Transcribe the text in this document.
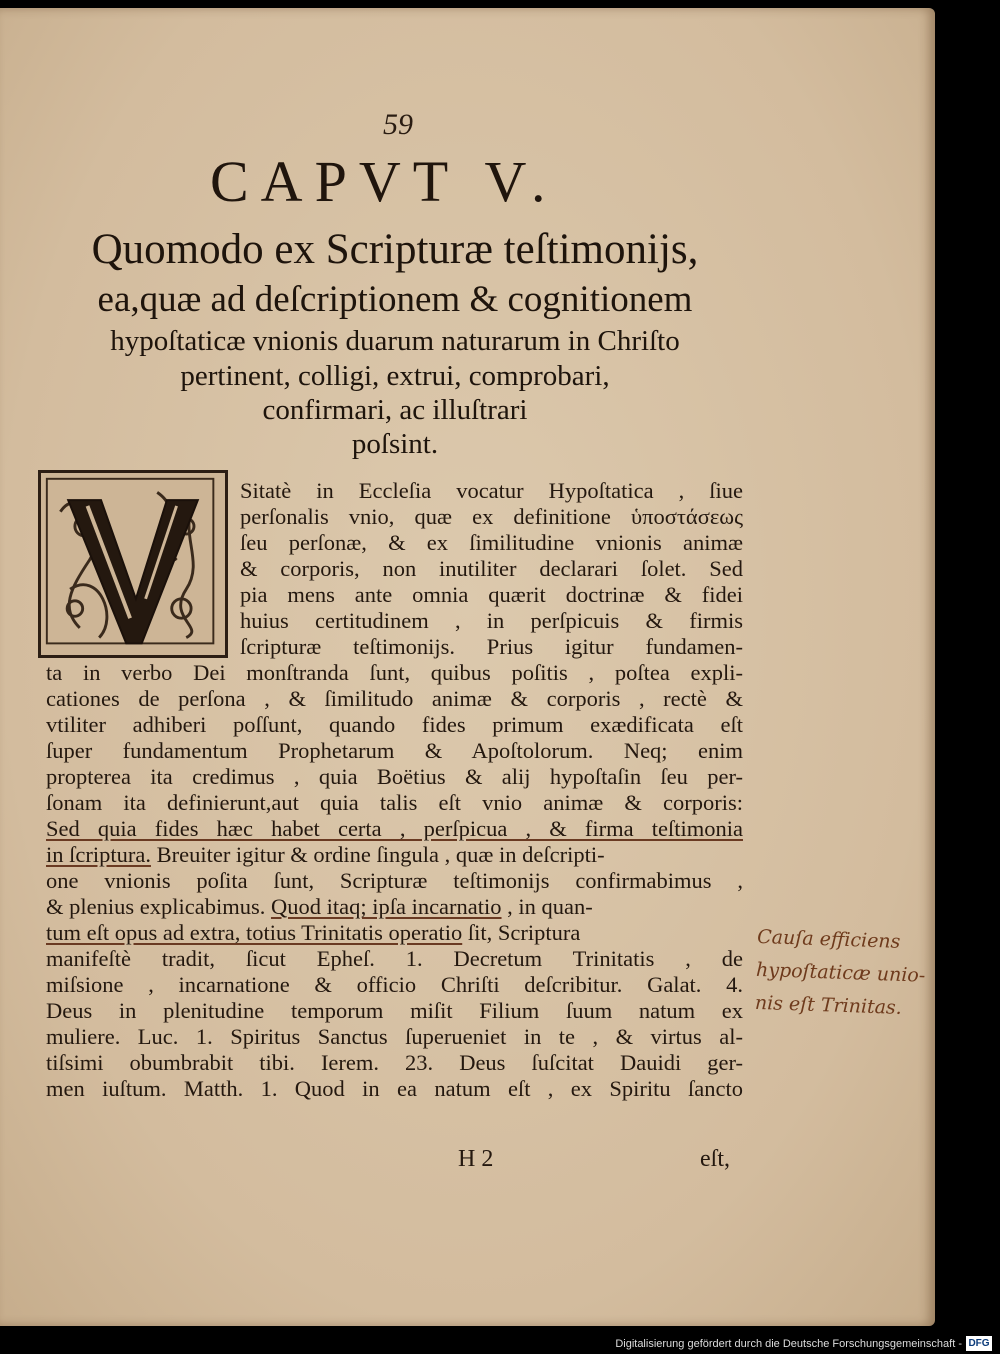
59
CAPVT V.
Quomodo ex Scripturæ teſtimonijs,
ea,quæ ad deſcriptionem & cognitionem
hypoſtaticæ vnionis duarum naturarum in Chriſto
pertinent, colligi, extrui, comprobari,
confirmari, ac illuſtrari
poſsint.
Sitatè in Eccleſia vocatur Hypoſtatica , ſiue
perſonalis vnio, quæ ex definitione ὑποστάσεως
ſeu perſonæ, & ex ſimilitudine vnionis animæ
& corporis, non inutiliter declarari ſolet. Sed
pia mens ante omnia quærit doctrinæ & fidei
huius certitudinem , in perſpicuis & firmis
ſcripturæ teſtimonijs. Prius igitur fundamen-
ta in verbo Dei monſtranda ſunt, quibus poſitis , poſtea expli-
cationes de perſona , & ſimilitudo animæ & corporis , rectè &
vtiliter adhiberi poſſunt, quando fides primum exædificata eſt
ſuper fundamentum Prophetarum & Apoſtolorum. Neq; enim
propterea ita credimus , quia Boëtius & alij hypoſtaſin ſeu per-
ſonam ita definierunt,aut quia talis eſt vnio animæ & corporis:
Sed quia fides hæc habet certa , perſpicua , & firma teſtimonia
in ſcriptura. Breuiter igitur & ordine ſingula , quæ in deſcripti-
one vnionis poſita ſunt, Scripturæ teſtimonijs confirmabimus ,
& plenius explicabimus. Quod itaq; ipſa incarnatio , in quan-
tum eſt opus ad extra, totius Trinitatis operatio ſit, Scriptura
manifeſtè tradit, ſicut Epheſ. 1. Decretum Trinitatis , de
miſsione , incarnatione & officio Chriſti deſcribitur. Galat. 4.
Deus in plenitudine temporum miſit Filium ſuum natum ex
muliere. Luc. 1. Spiritus Sanctus ſuperueniet in te , & virtus al-
tiſsimi obumbrabit tibi. Ierem. 23. Deus ſuſcitat Dauidi ger-
men iuſtum. Matth. 1. Quod in ea natum eſt , ex Spiritu ſancto
H 2	eſt,
Cauſa efficiens
hypoſtaticæ unio-
nis eſt Trinitas.
Digitalisierung gefördert durch die Deutsche Forschungsgemeinschaft - DFG
